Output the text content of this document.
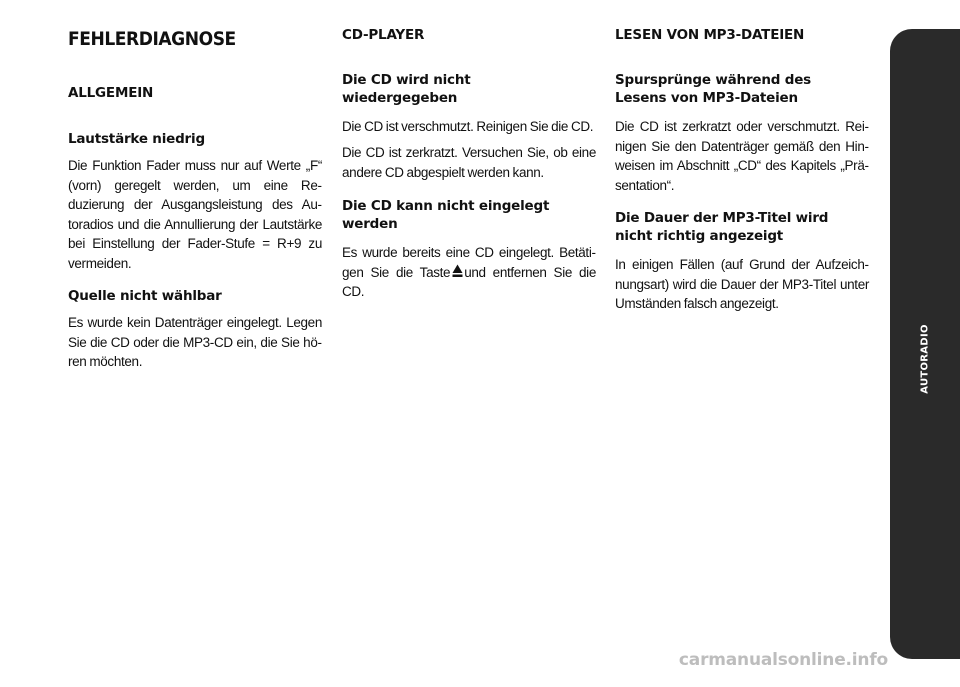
FEHLERDIAGNOSE
ALLGEMEIN
Lautstärke niedrig
Die Funktion Fader muss nur auf Werte „F“ (vorn) geregelt werden, um eine Reduzierung der Ausgangsleistung des Autoradios und die Annullierung der Lautstärke bei Einstellung der Fader-Stufe = R+9 zu vermeiden.
Quelle nicht wählbar
Es wurde kein Datenträger eingelegt. Legen Sie die CD oder die MP3-CD ein, die Sie hören möchten.
CD-PLAYER
Die CD wird nicht
wiedergegeben
Die CD ist verschmutzt. Reinigen Sie die CD.
Die CD ist zerkratzt. Versuchen Sie, ob eine andere CD abgespielt werden kann.
Die CD kann nicht eingelegt
werden
Es wurde bereits eine CD eingelegt. Betätigen Sie die Taste und entfernen Sie die CD.
LESEN VON MP3-DATEIEN
Spursprünge während des
Lesens von MP3-Dateien
Die CD ist zerkratzt oder verschmutzt. Reinigen Sie den Datenträger gemäß den Hinweisen im Abschnitt „CD“ des Kapitels „Präsentation“.
Die Dauer der MP3-Titel wird
nicht richtig angezeigt
In einigen Fällen (auf Grund der Aufzeichnungsart) wird die Dauer der MP3-Titel unter Umständen falsch angezeigt.
AUTORADIO
277
carmanualsonline.info
